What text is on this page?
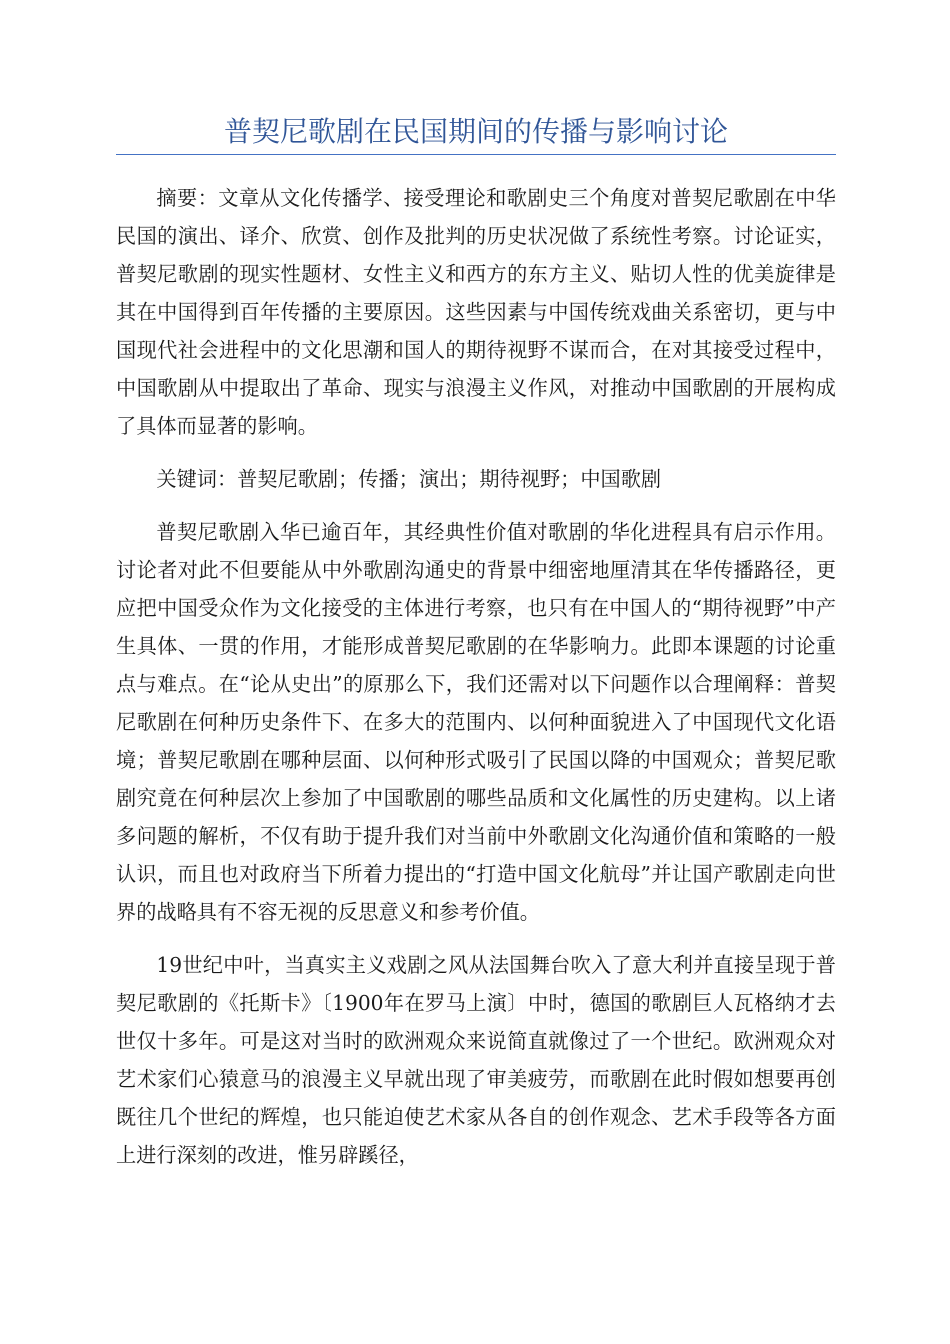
普契尼歌剧在民国期间的传播与影响讨论

摘要：文章从文化传播学、接受理论和歌剧史三个角度对普契尼歌剧在中华民国的演出、译介、欣赏、创作及批判的历史状况做了系统性考察。讨论证实，普契尼歌剧的现实性题材、女性主义和西方的东方主义、贴切人性的优美旋律是其在中国得到百年传播的主要原因。这些因素与中国传统戏曲关系密切，更与中国现代社会进程中的文化思潮和国人的期待视野不谋而合，在对其接受过程中，中国歌剧从中提取出了革命、现实与浪漫主义作风，对推动中国歌剧的开展构成了具体而显著的影响。

关键词：普契尼歌剧；传播；演出；期待视野；中国歌剧

普契尼歌剧入华已逾百年，其经典性价值对歌剧的华化进程具有启示作用。讨论者对此不但要能从中外歌剧沟通史的背景中细密地厘清其在华传播路径，更应把中国受众作为文化接受的主体进行考察，也只有在中国人的“期待视野”中产生具体、一贯的作用，才能形成普契尼歌剧的在华影响力。此即本课题的讨论重点与难点。在“论从史出”的原那么下，我们还需对以下问题作以合理阐释：普契尼歌剧在何种历史条件下、在多大的范围内、以何种面貌进入了中国现代文化语境；普契尼歌剧在哪种层面、以何种形式吸引了民国以降的中国观众；普契尼歌剧究竟在何种层次上参加了中国歌剧的哪些品质和文化属性的历史建构。以上诸多问题的解析，不仅有助于提升我们对当前中外歌剧文化沟通价值和策略的一般认识，而且也对政府当下所着力提出的“打造中国文化航母”并让国产歌剧走向世界的战略具有不容无视的反思意义和参考价值。

19世纪中叶，当真实主义戏剧之风从法国舞台吹入了意大利并直接呈现于普契尼歌剧的《托斯卡》〔1900年在罗马上演〕中时，德国的歌剧巨人瓦格纳才去世仅十多年。可是这对当时的欧洲观众来说简直就像过了一个世纪。欧洲观众对艺术家们心猿意马的浪漫主义早就出现了审美疲劳，而歌剧在此时假如想要再创既往几个世纪的辉煌，也只能迫使艺术家从各自的创作观念、艺术手段等各方面上进行深刻的改进，惟另辟蹊径，
